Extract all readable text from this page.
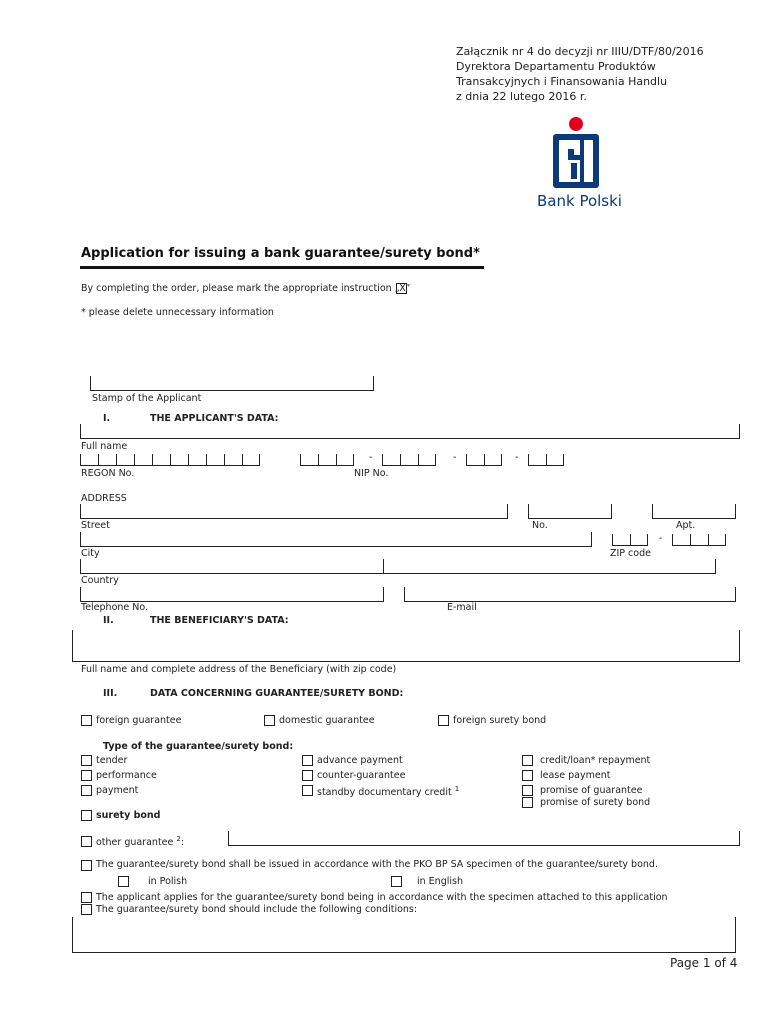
Załącznik nr 4 do decyzji nr IIIU/DTF/80/2016
Dyrektora Departamentu Produktów
Transakcyjnych i Finansowania Handlu
z dnia 22 lutego 2016 r.
Bank Polski
Application for issuing a bank guarantee/surety bond*
By completing the order, please mark the appropriate instruction „X”
* please delete unnecessary information
Stamp of the Applicant
I.	THE APPLICANT'S DATA:
Full name
REGON No.
-	-	-
NIP No.
ADDRESS
Street	No.	Apt.
-
City	ZIP code
Country
Telephone No.	E-mail
II.	THE BENEFICIARY'S DATA:
Full name and complete address of the Beneficiary (with zip code)
III.	DATA CONCERNING GUARANTEE/SURETY BOND:
foreign guarantee	domestic guarantee	foreign surety bond
Type of the guarantee/surety bond:
tender
performance
payment
advance payment
counter-guarantee
standby documentary credit $^1$
credit/loan* repayment
lease payment
promise of guarantee
promise of surety bond
surety bond
other guarantee $^2$:
The guarantee/surety bond shall be issued in accordance with the PKO BP SA specimen of the guarantee/surety bond.
in Polish	in English
The applicant applies for the guarantee/surety bond being in accordance with the specimen attached to this application
The guarantee/surety bond should include the following conditions:
Page 1 of 4
